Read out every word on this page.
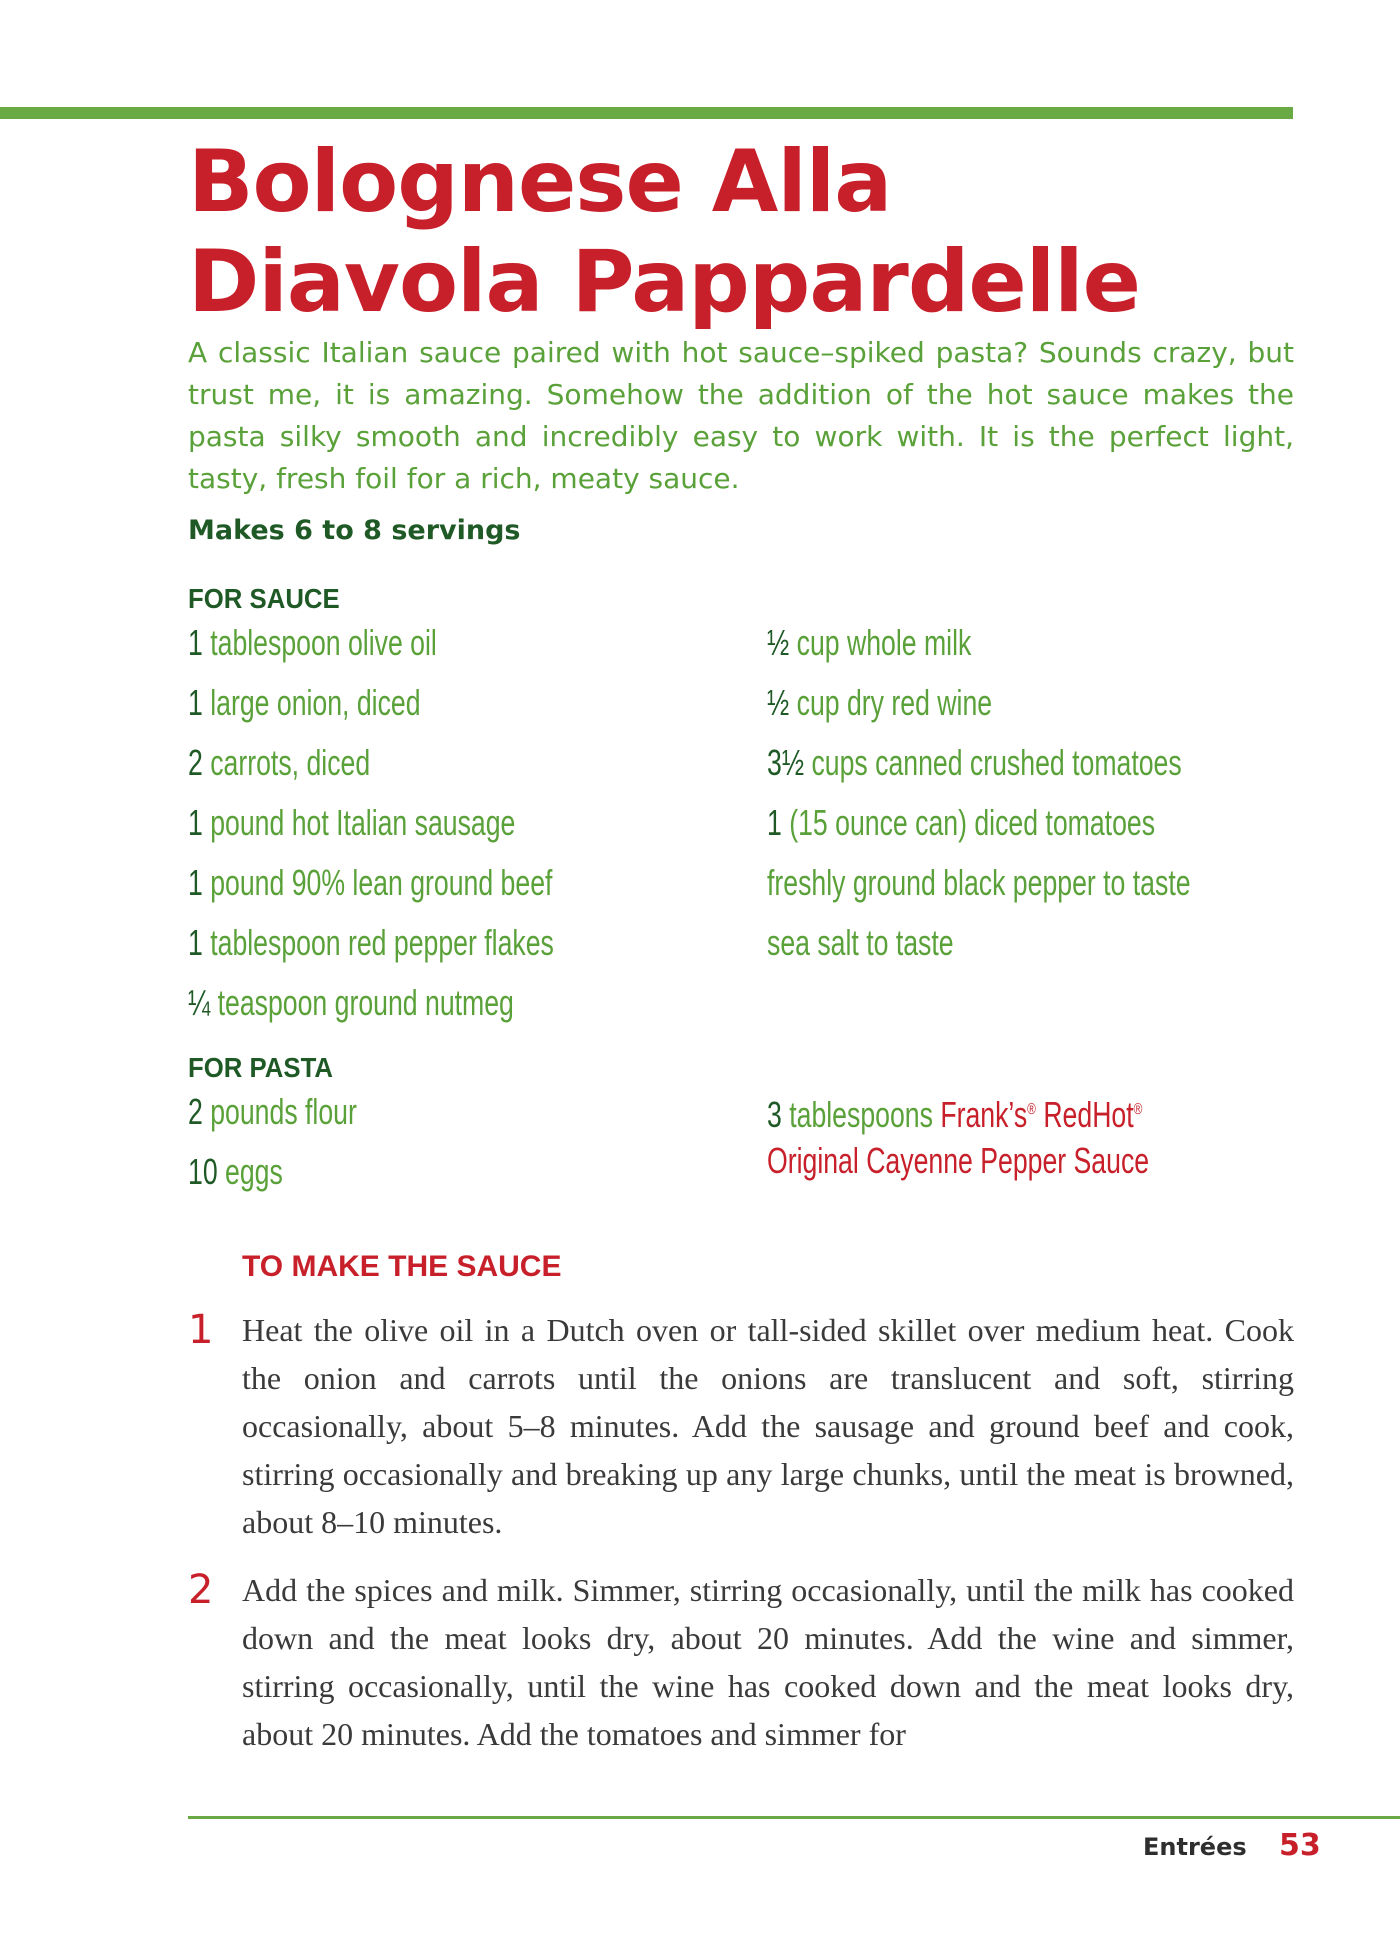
Bolognese Alla
Diavola Pappardelle

A classic Italian sauce paired with hot sauce–spiked pasta? Sounds crazy, but trust me, it is amazing. Somehow the addition of the hot sauce makes the pasta silky smooth and incredibly easy to work with. It is the perfect light, tasty, fresh foil for a rich, meaty sauce.

Makes 6 to 8 servings
FOR SAUCE
1 tablespoon olive oil
1 large onion, diced
2 carrots, diced
1 pound hot Italian sausage
1 pound 90% lean ground beef
1 tablespoon red pepper flakes
¼ teaspoon ground nutmeg
½ cup whole milk
½ cup dry red wine
3½ cups canned crushed tomatoes
1 (15 ounce can) diced tomatoes
freshly ground black pepper to taste
sea salt to taste
FOR PASTA
2 pounds flour
10 eggs
3 tablespoons Frank’s® RedHot®
Original Cayenne Pepper Sauce
TO MAKE THE SAUCE
1 Heat the olive oil in a Dutch oven or tall-sided skillet over medium heat. Cook the onion and carrots until the onions are translucent and soft, stirring occasionally, about 5–8 minutes. Add the sausage and ground beef and cook, stirring occasionally and breaking up any large chunks, until the meat is browned, about 8–10 minutes.

2 Add the spices and milk. Simmer, stirring occasionally, until the milk has cooked down and the meat looks dry, about 20 minutes. Add the wine and simmer, stirring occasionally, until the wine has cooked down and the meat looks dry, about 20 minutes. Add the tomatoes and simmer for

Entrées 53
